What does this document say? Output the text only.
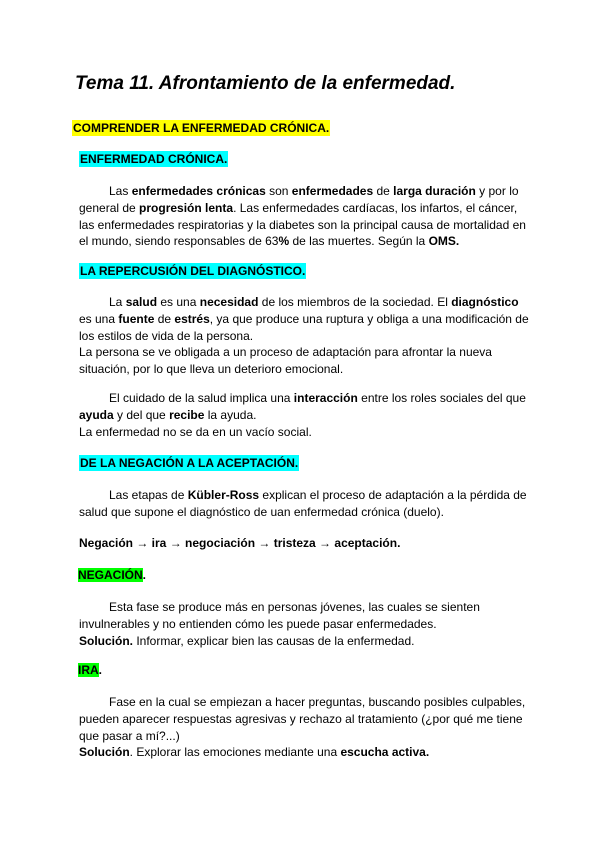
Tema 11. Afrontamiento de la enfermedad.
COMPRENDER LA ENFERMEDAD CRÓNICA.
ENFERMEDAD CRÓNICA.

Las enfermedades crónicas son enfermedades de larga duración y por lo general de progresión lenta. Las enfermedades cardíacas, los infartos, el cáncer, las enfermedades respiratorias y la diabetes son la principal causa de mortalidad en el mundo, siendo responsables de 63% de las muertes. Según la OMS.

LA REPERCUSIÓN DEL DIAGNÓSTICO.

La salud es una necesidad de los miembros de la sociedad. El diagnóstico es una fuente de estrés, ya que produce una ruptura y obliga a una modificación de los estilos de vida de la persona.
La persona se ve obligada a un proceso de adaptación para afrontar la nueva situación, por lo que lleva un deterioro emocional.

El cuidado de la salud implica una interacción entre los roles sociales del que ayuda y del que recibe la ayuda.
La enfermedad no se da en un vacío social.

DE LA NEGACIÓN A LA ACEPTACIÓN.

Las etapas de Kübler-Ross explican el proceso de adaptación a la pérdida de salud que supone el diagnóstico de uan enfermedad crónica (duelo).

Negación → ira → negociación → tristeza → aceptación.
NEGACIÓN.

Esta fase se produce más en personas jóvenes, las cuales se sienten invulnerables y no entienden cómo les puede pasar enfermedades.
Solución. Informar, explicar bien las causas de la enfermedad.

IRA.

Fase en la cual se empiezan a hacer preguntas, buscando posibles culpables, pueden aparecer respuestas agresivas y rechazo al tratamiento (¿por qué me tiene que pasar a mí?...)
Solución. Explorar las emociones mediante una escucha activa.
